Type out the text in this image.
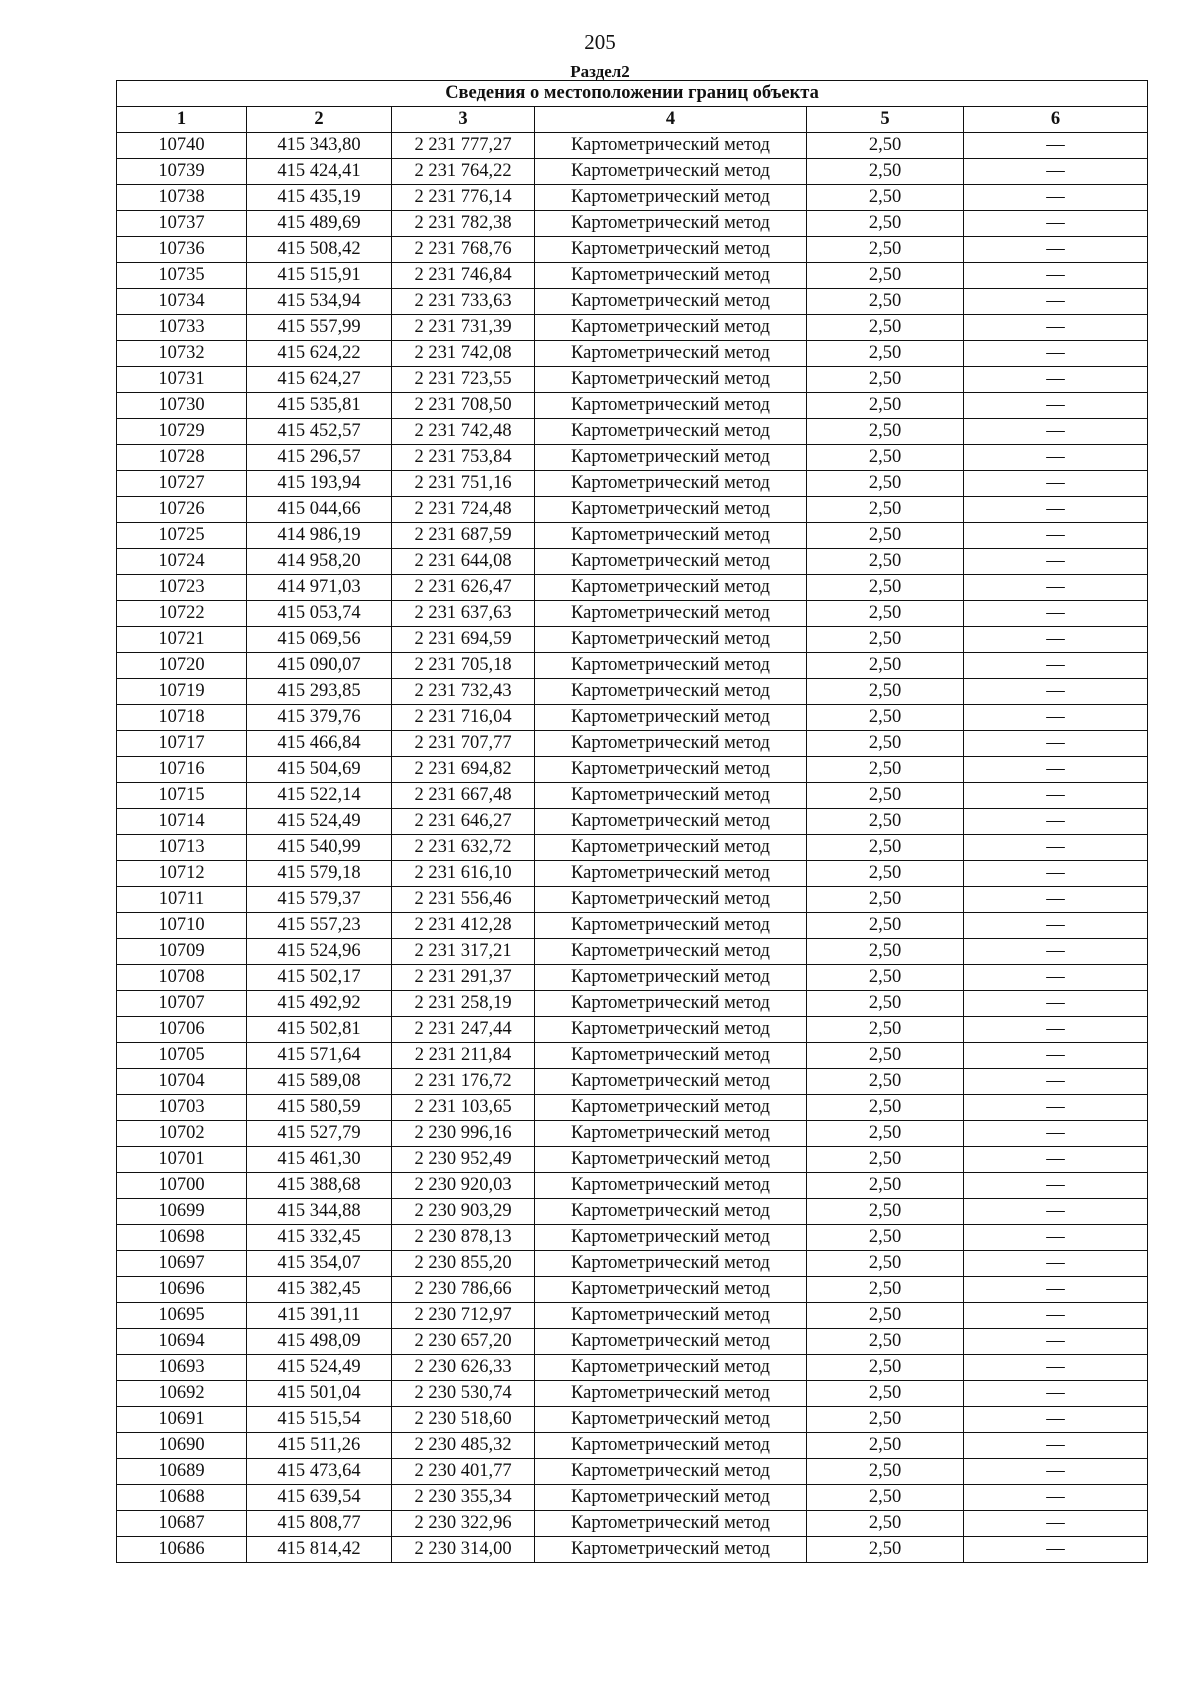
205
Раздел2
Сведения о местоположении границ объекта					
1	2	3	4	5	6
10740	415 343,80	2 231 777,27	Картометрический метод	2,50	—
10739	415 424,41	2 231 764,22	Картометрический метод	2,50	—
10738	415 435,19	2 231 776,14	Картометрический метод	2,50	—
10737	415 489,69	2 231 782,38	Картометрический метод	2,50	—
10736	415 508,42	2 231 768,76	Картометрический метод	2,50	—
10735	415 515,91	2 231 746,84	Картометрический метод	2,50	—
10734	415 534,94	2 231 733,63	Картометрический метод	2,50	—
10733	415 557,99	2 231 731,39	Картометрический метод	2,50	—
10732	415 624,22	2 231 742,08	Картометрический метод	2,50	—
10731	415 624,27	2 231 723,55	Картометрический метод	2,50	—
10730	415 535,81	2 231 708,50	Картометрический метод	2,50	—
10729	415 452,57	2 231 742,48	Картометрический метод	2,50	—
10728	415 296,57	2 231 753,84	Картометрический метод	2,50	—
10727	415 193,94	2 231 751,16	Картометрический метод	2,50	—
10726	415 044,66	2 231 724,48	Картометрический метод	2,50	—
10725	414 986,19	2 231 687,59	Картометрический метод	2,50	—
10724	414 958,20	2 231 644,08	Картометрический метод	2,50	—
10723	414 971,03	2 231 626,47	Картометрический метод	2,50	—
10722	415 053,74	2 231 637,63	Картометрический метод	2,50	—
10721	415 069,56	2 231 694,59	Картометрический метод	2,50	—
10720	415 090,07	2 231 705,18	Картометрический метод	2,50	—
10719	415 293,85	2 231 732,43	Картометрический метод	2,50	—
10718	415 379,76	2 231 716,04	Картометрический метод	2,50	—
10717	415 466,84	2 231 707,77	Картометрический метод	2,50	—
10716	415 504,69	2 231 694,82	Картометрический метод	2,50	—
10715	415 522,14	2 231 667,48	Картометрический метод	2,50	—
10714	415 524,49	2 231 646,27	Картометрический метод	2,50	—
10713	415 540,99	2 231 632,72	Картометрический метод	2,50	—
10712	415 579,18	2 231 616,10	Картометрический метод	2,50	—
10711	415 579,37	2 231 556,46	Картометрический метод	2,50	—
10710	415 557,23	2 231 412,28	Картометрический метод	2,50	—
10709	415 524,96	2 231 317,21	Картометрический метод	2,50	—
10708	415 502,17	2 231 291,37	Картометрический метод	2,50	—
10707	415 492,92	2 231 258,19	Картометрический метод	2,50	—
10706	415 502,81	2 231 247,44	Картометрический метод	2,50	—
10705	415 571,64	2 231 211,84	Картометрический метод	2,50	—
10704	415 589,08	2 231 176,72	Картометрический метод	2,50	—
10703	415 580,59	2 231 103,65	Картометрический метод	2,50	—
10702	415 527,79	2 230 996,16	Картометрический метод	2,50	—
10701	415 461,30	2 230 952,49	Картометрический метод	2,50	—
10700	415 388,68	2 230 920,03	Картометрический метод	2,50	—
10699	415 344,88	2 230 903,29	Картометрический метод	2,50	—
10698	415 332,45	2 230 878,13	Картометрический метод	2,50	—
10697	415 354,07	2 230 855,20	Картометрический метод	2,50	—
10696	415 382,45	2 230 786,66	Картометрический метод	2,50	—
10695	415 391,11	2 230 712,97	Картометрический метод	2,50	—
10694	415 498,09	2 230 657,20	Картометрический метод	2,50	—
10693	415 524,49	2 230 626,33	Картометрический метод	2,50	—
10692	415 501,04	2 230 530,74	Картометрический метод	2,50	—
10691	415 515,54	2 230 518,60	Картометрический метод	2,50	—
10690	415 511,26	2 230 485,32	Картометрический метод	2,50	—
10689	415 473,64	2 230 401,77	Картометрический метод	2,50	—
10688	415 639,54	2 230 355,34	Картометрический метод	2,50	—
10687	415 808,77	2 230 322,96	Картометрический метод	2,50	—
10686	415 814,42	2 230 314,00	Картометрический метод	2,50	—
